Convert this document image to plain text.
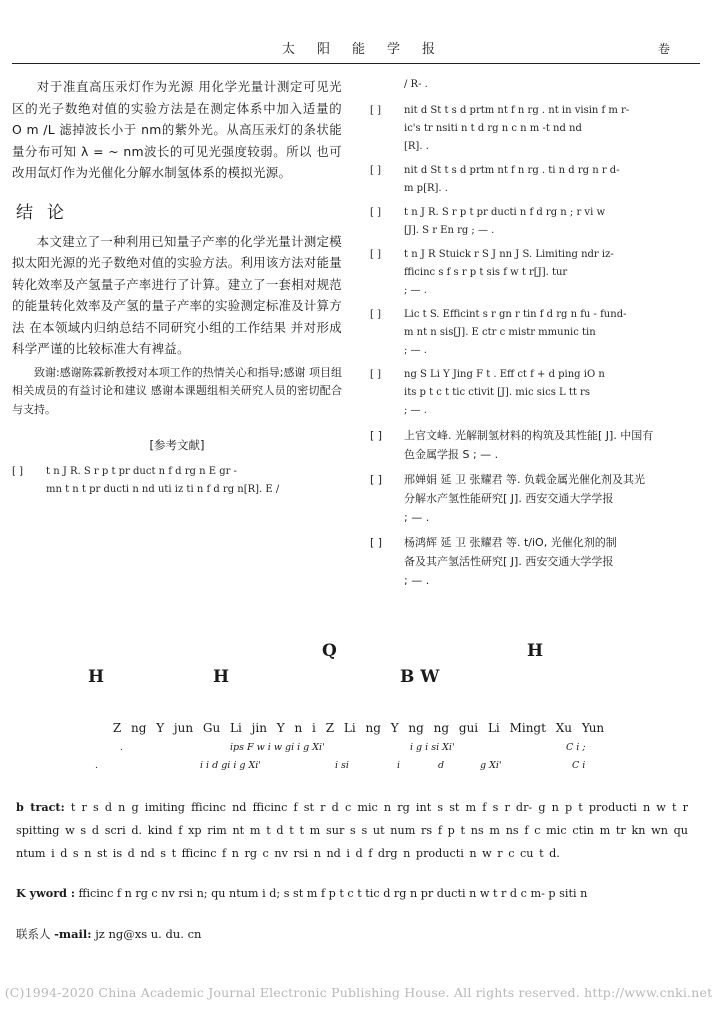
太阳能学报	卷

对于准直高压汞灯作为光源 用化学光量计测定可见光区的光子数绝对值的实验方法是在测定体系中加入适量的 O m /L 滤掉波长小于 nm的紫外光。从高压汞灯的条状能量分布可知 λ = ~ nm波长的可见光强度较弱。所以 也可改用氙灯作为光催化分解水制氢体系的模拟光源。

结论

本文建立了一种利用已知量子产率的化学光量计测定模拟太阳光源的光子数绝对值的实验方法。利用该方法对能量转化效率及产氢量子产率进行了计算。建立了一套相对规范的能量转化效率及产氢的量子产率的实验测定标准及计算方法 在本领域内归纳总结不同研究小组的工作结果 并对形成科学严谨的比较标准大有裨益。

致谢:感谢陈霖新教授对本项工作的热情关心和指导;感谢 项目组相关成员的有益讨论和建议 感谢本课题组相关研究人员的密切配合与支持。

[参考文献]
[ ]	t n J R. S r p t pr duct n f d rg n E gr -
mn t n t pr ducti n nd uti iz ti n f d rg n[R]. E /
/ R- .
[ ]	nit d St t s d prtm nt f n rg . nt in visin f m r-
ic's tr nsiti n t d rg n c n m -t nd nd
[R]. .
[ ]	nit d St t s d prtm nt f n rg . ti n d rg n r d-
m p[R]. .
[ ]	t n J R. S r p t pr ducti n f d rg n ; r vi w
[J]. S r En rg ; — .
[ ]	t n J R Stuick r S J nn J S. Limiting ndr iz-
fficinc s f s r p t sis f w t r[J]. tur
; — .
[ ]	Lic t S. Efficint s r gn r tin f d rg n fu - fund-
m nt n sis[J]. E ctr c mistr mmunic tin
; — .
[ ]	ng S Li Y Jing F t . Eff ct f + d ping iO n
its p t c t tic ctivit [J]. mic sics L tt rs
; — .
[ ]	上官文峰. 光解制氢材料的构筑及其性能[ J]. 中国有
色金属学报 S ; — .
[ ]	邢婵娟 延 卫 张耀君 等. 负载金属光催化剂及其光
分解水产氢性能研究[ J]. 西安交通大学学报
; — .
[ ]	杨鸿辉 延 卫 张耀君 等. t/iO, 光催化剂的制
备及其产氢活性研究[ J]. 西安交通大学学报
; — .
Q	H
H	H	B W
Z ng Y jun Gu Li jin Y n i Z Li ng Y ng ng gui Li Mingt Xu Yun
.	ips F w i w gi i g Xi'	i g i si Xi'	C i ;
.	i i d gi i g Xi'	i si	i	d	g Xi'	C i
b tract: t r s d n g imiting fficinc nd fficinc f st r d c mic n rg int s st m f s r dr- g n p t producti n w t r spitting w s d scri d. kind f xp rim nt m t d t t m sur s s ut num rs f p t ns m ns f c mic ctin m tr kn wn qu ntum i d s n st is d nd s t fficinc f n rg c nv rsi n nd i d f drg n producti n w r c cu t d.
K yword : fficinc f n rg c nv rsi n; qu ntum i d; s st m f p t c t tic d rg n pr ducti n w t r d c m- p siti n
联系人 -mail: jz ng@xs u. du. cn
(C)1994-2020 China Academic Journal Electronic Publishing House. All rights reserved. http://www.cnki.net
